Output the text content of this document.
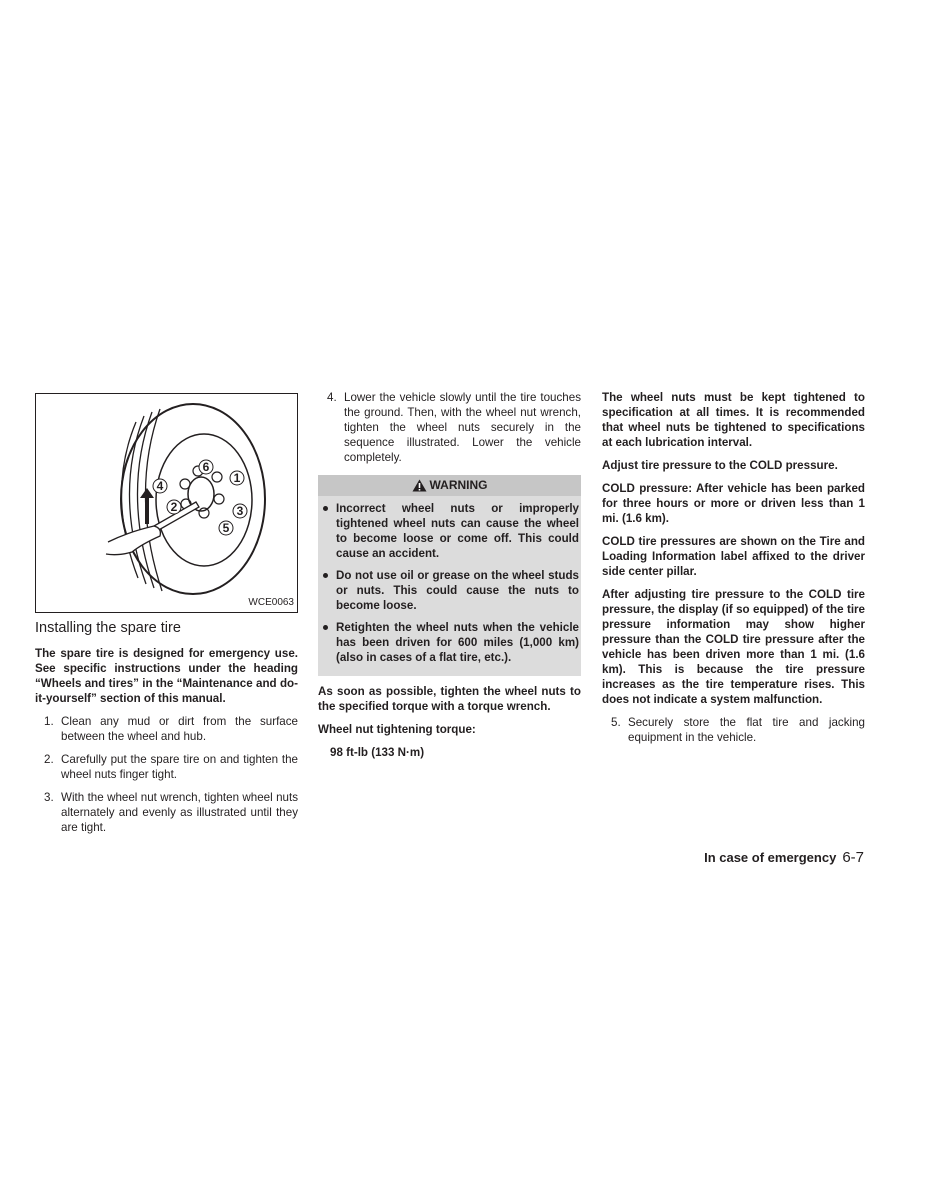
6
1
3
5
4
2
WCE0063
Installing the spare tire

The spare tire is designed for emergency use. See specific instructions under the heading “Wheels and tires” in the “Maintenance and do-it-yourself” section of this manual.

1. Clean any mud or dirt from the surface between the wheel and hub.
2. Carefully put the spare tire on and tighten the wheel nuts finger tight.
3. With the wheel nut wrench, tighten wheel nuts alternately and evenly as illustrated until they are tight.
4. Lower the vehicle slowly until the tire touches the ground. Then, with the wheel nut wrench, tighten the wheel nuts securely in the sequence illustrated. Lower the vehicle completely.
WARNING
Incorrect wheel nuts or improperly tightened wheel nuts can cause the wheel to become loose or come off. This could cause an accident.
Do not use oil or grease on the wheel studs or nuts. This could cause the nuts to become loose.
Retighten the wheel nuts when the vehicle has been driven for 600 miles (1,000 km) (also in cases of a flat tire, etc.).

As soon as possible, tighten the wheel nuts to the specified torque with a torque wrench.

Wheel nut tightening torque:

98 ft-lb (133 N·m)

The wheel nuts must be kept tightened to specification at all times. It is recommended that wheel nuts be tightened to specifications at each lubrication interval.

Adjust tire pressure to the COLD pressure.

COLD pressure: After vehicle has been parked for three hours or more or driven less than 1 mi. (1.6 km).

COLD tire pressures are shown on the Tire and Loading Information label affixed to the driver side center pillar.

After adjusting tire pressure to the COLD tire pressure, the display (if so equipped) of the tire pressure information may show higher pressure than the COLD tire pressure after the vehicle has been driven more than 1 mi. (1.6 km). This is because the tire pressure increases as the tire temperature rises. This does not indicate a system malfunction.

5. Securely store the flat tire and jacking equipment in the vehicle.
In case of emergency 6-7
